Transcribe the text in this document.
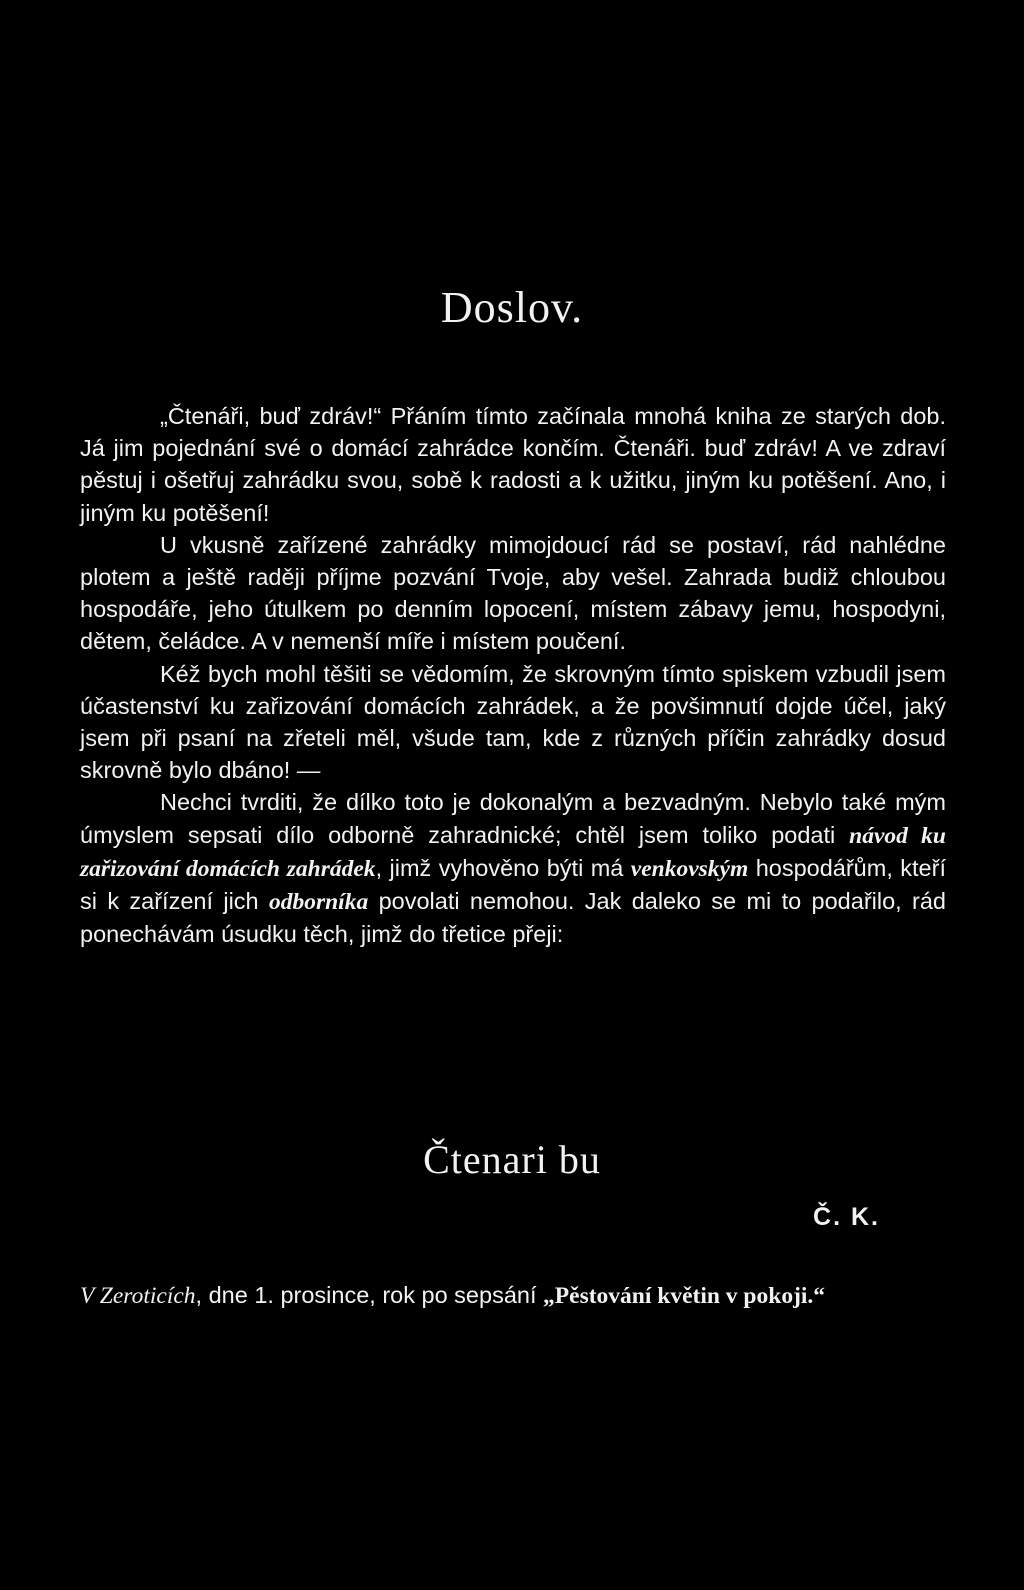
Doslov.

„Čtenáři, buď zdráv!“ Přáním tímto začínala mnohá kniha ze starých dob. Já jim pojednání své o domácí zahrádce končím. Čtenáři. buď zdráv! A ve zdraví pěstuj i ošetřuj zahrádku svou, sobě k radosti a k užitku, jiným ku potěšení. Ano, i jiným ku potěšení!

U vkusně zařízené zahrádky mimojdoucí rád se postaví, rád nahlédne plotem a ještě raději příjme pozvání Tvoje, aby vešel. Zahrada budiž chloubou hospodáře, jeho útulkem po denním lopocení, místem zábavy jemu, hospodyni, dětem, čeládce. A v nemenší míře i místem poučení.

Kéž bych mohl těšiti se vědomím, že skrovným tímto spiskem vzbudil jsem účastenství ku zařizování domácích zahrádek, a že povšimnutí dojde účel, jaký jsem při psaní na zřeteli měl, všude tam, kde z různých příčin zahrádky dosud skrovně bylo dbáno! —

Nechci tvrditi, že dílko toto je dokonalým a bezvadným. Nebylo také mým úmyslem sepsati dílo odborně zahradnické; chtěl jsem toliko podati návod ku zařizování domácích zahrádek, jimž vyhověno býti má venkovským hospodářům, kteří si k zařízení jich odborníka povolati nemohou. Jak daleko se mi to podařilo, rád ponechávám úsudku těch, jimž do třetice přeji:

Čtenari bu
Č. K.
V Zeroticích, dne 1. prosince, rok po sepsání „Pěstování květin v pokoji.“
